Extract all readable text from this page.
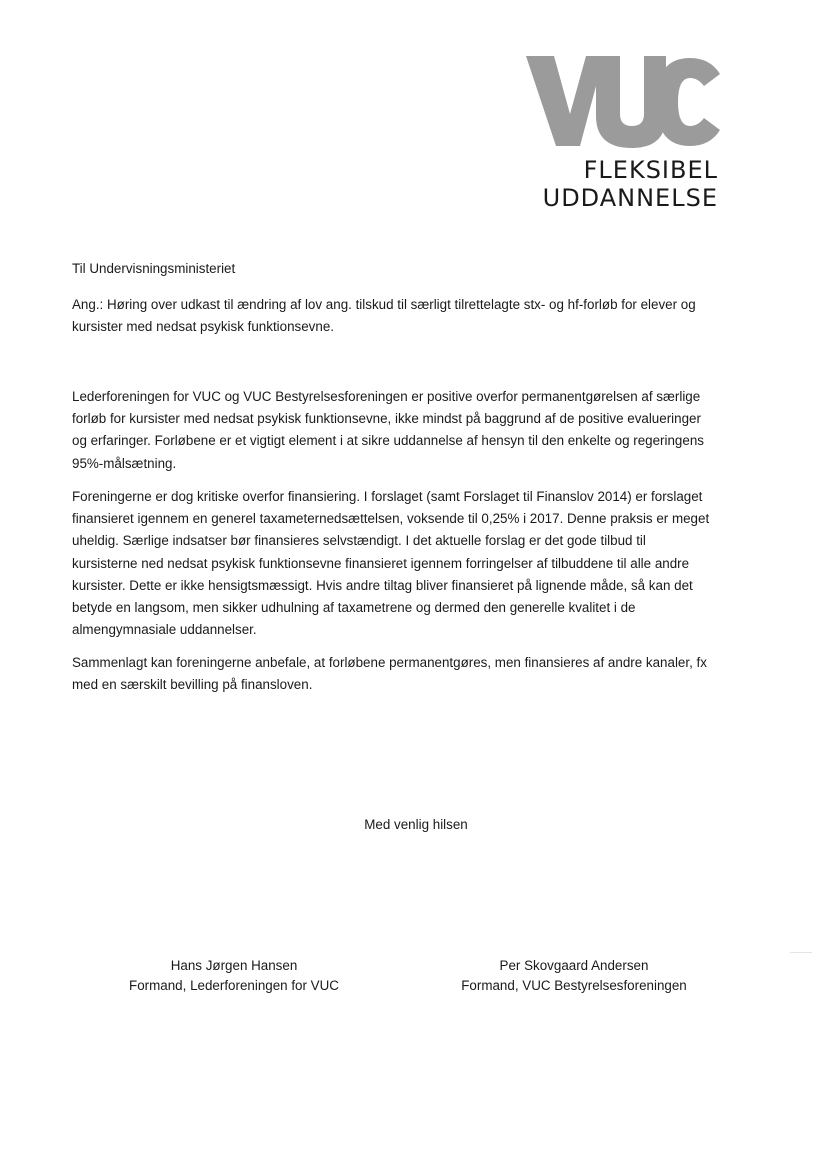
FLEKSIBEL
UDDANNELSE
Til Undervisningsministeriet
Ang.: Høring over udkast til ændring af lov ang. tilskud til særligt tilrettelagte stx- og hf-forløb for elever og
kursister med nedsat psykisk funktionsevne.
Lederforeningen for VUC og VUC Bestyrelsesforeningen er positive overfor permanentgørelsen af særlige
forløb for kursister med nedsat psykisk funktionsevne, ikke mindst på baggrund af de positive evalueringer
og erfaringer. Forløbene er et vigtigt element i at sikre uddannelse af hensyn til den enkelte og regeringens
95%-målsætning.
Foreningerne er dog kritiske overfor finansiering. I forslaget (samt Forslaget til Finanslov 2014) er forslaget
finansieret igennem en generel taxameternedsættelsen, voksende til 0,25% i 2017. Denne praksis er meget
uheldig. Særlige indsatser bør finansieres selvstændigt. I det aktuelle forslag er det gode tilbud til
kursisterne ned nedsat psykisk funktionsevne finansieret igennem forringelser af tilbuddene til alle andre
kursister. Dette er ikke hensigtsmæssigt. Hvis andre tiltag bliver finansieret på lignende måde, så kan det
betyde en langsom, men sikker udhulning af taxametrene og dermed den generelle kvalitet i de
almengymnasiale uddannelser.
Sammenlagt kan foreningerne anbefale, at forløbene permanentgøres, men finansieres af andre kanaler, fx
med en særskilt bevilling på finansloven.
Med venlig hilsen
Hans Jørgen Hansen
Formand, Lederforeningen for VUC
Per Skovgaard Andersen
Formand, VUC Bestyrelsesforeningen
